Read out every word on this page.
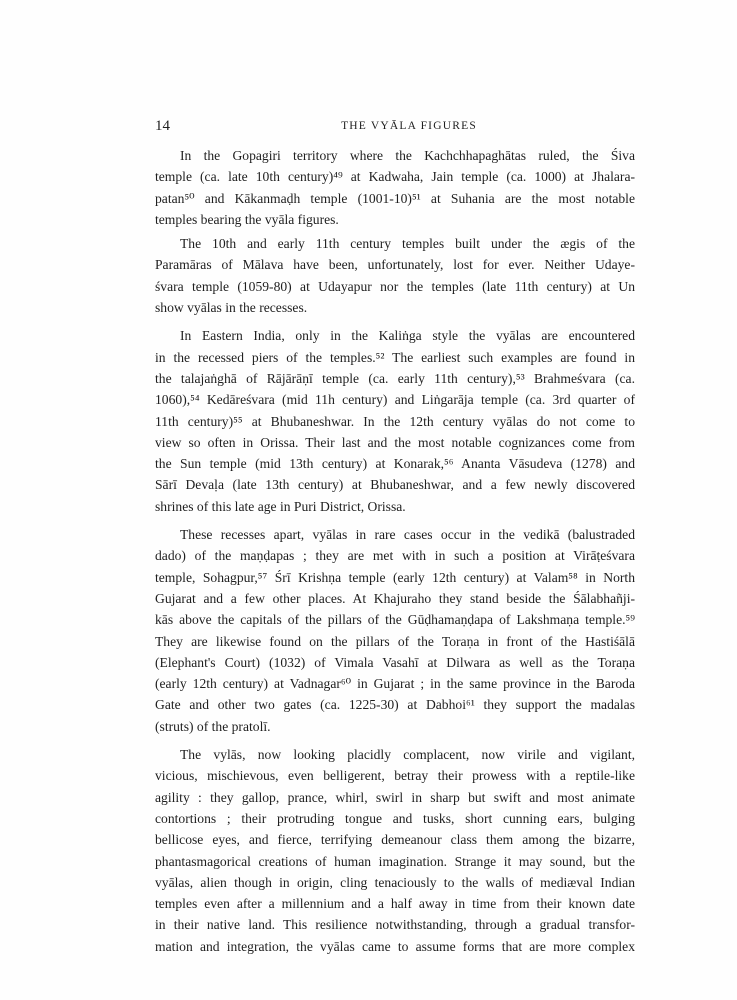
14	THE VYĀLA FIGURES

In the Gopagiri territory where the Kachchhapaghātas ruled, the Śiva
temple (ca. late 10th century)⁴⁹ at Kadwaha, Jain temple (ca. 1000) at Jhalara-
patan⁵⁰ and Kākanmaḍh temple (1001-10)⁵¹ at Suhania are the most notable
temples bearing the vyāla figures.

The 10th and early 11th century temples built under the ægis of the
Paramāras of Mālava have been, unfortunately, lost for ever. Neither Udaye-
śvara temple (1059-80) at Udayapur nor the temples (late 11th century) at Un
show vyālas in the recesses.

In Eastern India, only in the Kaliṅga style the vyālas are encountered
in the recessed piers of the temples.⁵² The earliest such examples are found in
the talajaṅghā of Rājārāṇī temple (ca. early 11th century),⁵³ Brahmeśvara (ca.
1060),⁵⁴ Kedāreśvara (mid 11h century) and Liṅgarāja temple (ca. 3rd quarter of
11th century)⁵⁵ at Bhubaneshwar. In the 12th century vyālas do not come to
view so often in Orissa. Their last and the most notable cognizances come from
the Sun temple (mid 13th century) at Konarak,⁵⁶ Ananta Vāsudeva (1278) and
Sārī Devaḷa (late 13th century) at Bhubaneshwar, and a few newly discovered
shrines of this late age in Puri District, Orissa.

These recesses apart, vyālas in rare cases occur in the vedikā (balustraded
dado) of the maṇḍapas ; they are met with in such a position at Virāṭeśvara
temple, Sohagpur,⁵⁷ Śrī Krishṇa temple (early 12th century) at Valam⁵⁸ in North
Gujarat and a few other places. At Khajuraho they stand beside the Śālabhañji-
kās above the capitals of the pillars of the Gūḍhamaṇḍapa of Lakshmaṇa temple.⁵⁹
They are likewise found on the pillars of the Toraṇa in front of the Hastiśālā
(Elephant's Court) (1032) of Vimala Vasahī at Dilwara as well as the Toraṇa
(early 12th century) at Vadnagar⁶⁰ in Gujarat ; in the same province in the Baroda
Gate and other two gates (ca. 1225-30) at Dabhoi⁶¹ they support the madalas
(struts) of the pratolī.

The vylās, now looking placidly complacent, now virile and vigilant,
vicious, mischievous, even belligerent, betray their prowess with a reptile-like
agility : they gallop, prance, whirl, swirl in sharp but swift and most animate
contortions ; their protruding tongue and tusks, short cunning ears, bulging
bellicose eyes, and fierce, terrifying demeanour class them among the bizarre,
phantasmagorical creations of human imagination. Strange it may sound, but the
vyālas, alien though in origin, cling tenaciously to the walls of mediæval Indian
temples even after a millennium and a half away in time from their known date
in their native land. This resilience notwithstanding, through a gradual transfor-
mation and integration, the vyālas came to assume forms that are more complex
